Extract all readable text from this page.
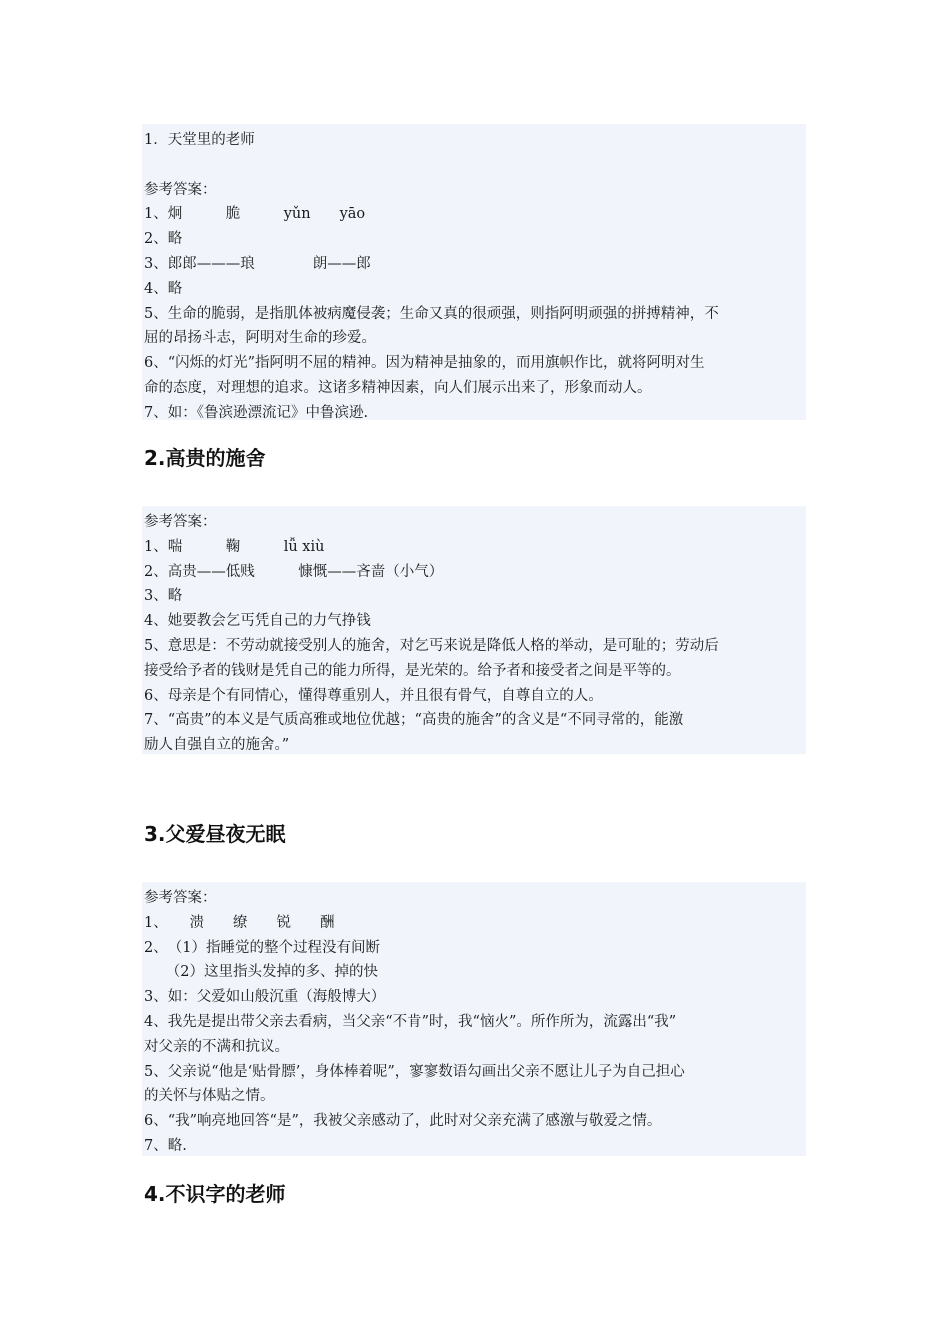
1．天堂里的老师
参考答案：
1、炯　　　脆　　　yǔn　　yāo
2、略
3、郎郎———琅　　　　朗——郎
4、略
5、生命的脆弱，是指肌体被病魔侵袭；生命又真的很顽强，则指阿明顽强的拼搏精神，不
屈的昂扬斗志，阿明对生命的珍爱。
6、“闪烁的灯光”指阿明不屈的精神。因为精神是抽象的，而用旗帜作比，就将阿明对生
命的态度，对理想的追求。这诸多精神因素，向人们展示出来了，形象而动人。
7、如：《鲁滨逊漂流记》中鲁滨逊.
2.高贵的施舍
参考答案：
1、喘　　　鞠　　　lǚ xiù
2、高贵——低贱　　　慷慨——吝啬（小气）
3、略
4、她要教会乞丐凭自己的力气挣钱
5、意思是：不劳动就接受别人的施舍，对乞丐来说是降低人格的举动，是可耻的；劳动后
接受给予者的钱财是凭自己的能力所得，是光荣的。给予者和接受者之间是平等的。
6、母亲是个有同情心，懂得尊重别人，并且很有骨气，自尊自立的人。
7、“高贵”的本义是气质高雅或地位优越；“高贵的施舍”的含义是“不同寻常的，能激
励人自强自立的施舍。”
3.父爱昼夜无眠
参考答案：
1、　　溃　　缭　　锐　　酬
2、　（1）指睡觉的整个过程没有间断
　　（2）这里指头发掉的多、掉的快
3、如：父爱如山般沉重（海般博大）
4、我先是提出带父亲去看病，当父亲“不肯”时，我“恼火”。所作所为，流露出“我”
对父亲的不满和抗议。
5、父亲说“他是‘贴骨膘’，身体棒着呢”，寥寥数语勾画出父亲不愿让儿子为自己担心
的关怀与体贴之情。
6、“我”响亮地回答“是”，我被父亲感动了，此时对父亲充满了感激与敬爱之情。
7、略.
4.不识字的老师
